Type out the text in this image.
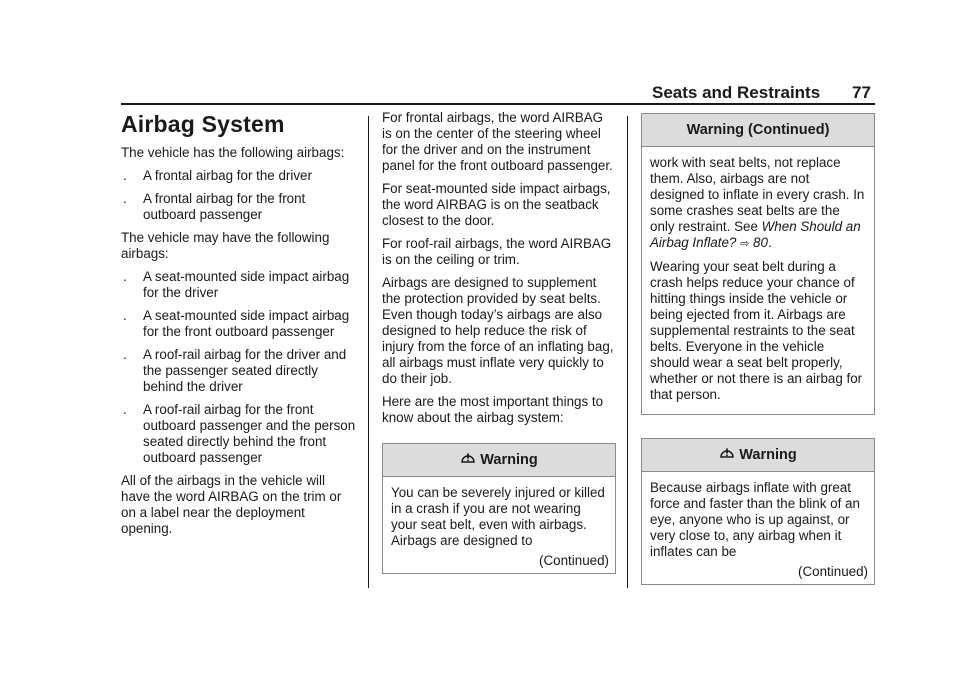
Seats and Restraints 77
Airbag System
The vehicle has the following airbags:
. A frontal airbag for the driver
. A frontal airbag for the front outboard passenger
The vehicle may have the following airbags:
. A seat-mounted side impact airbag for the driver
. A seat-mounted side impact airbag for the front outboard passenger
. A roof-rail airbag for the driver and the passenger seated directly behind the driver
. A roof-rail airbag for the front outboard passenger and the person seated directly behind the front outboard passenger
All of the airbags in the vehicle will have the word AIRBAG on the trim or on a label near the deployment opening.
For frontal airbags, the word AIRBAG is on the center of the steering wheel for the driver and on the instrument panel for the front outboard passenger.
For seat-mounted side impact airbags, the word AIRBAG is on the seatback closest to the door.
For roof-rail airbags, the word AIRBAG is on the ceiling or trim.
Airbags are designed to supplement the protection provided by seat belts. Even though today’s airbags are also designed to help reduce the risk of injury from the force of an inflating bag, all airbags must inflate very quickly to do their job.
Here are the most important things to know about the airbag system:
Warning
You can be severely injured or killed in a crash if you are not wearing your seat belt, even with airbags. Airbags are designed to
(Continued)
Warning (Continued)
work with seat belts, not replace them. Also, airbags are not designed to inflate in every crash. In some crashes seat belts are the only restraint. See When Should an Airbag Inflate? ⇨ 80.
Wearing your seat belt during a crash helps reduce your chance of hitting things inside the vehicle or being ejected from it. Airbags are supplemental restraints to the seat belts. Everyone in the vehicle should wear a seat belt properly, whether or not there is an airbag for that person.
Warning
Because airbags inflate with great force and faster than the blink of an eye, anyone who is up against, or very close to, any airbag when it inflates can be
(Continued)
